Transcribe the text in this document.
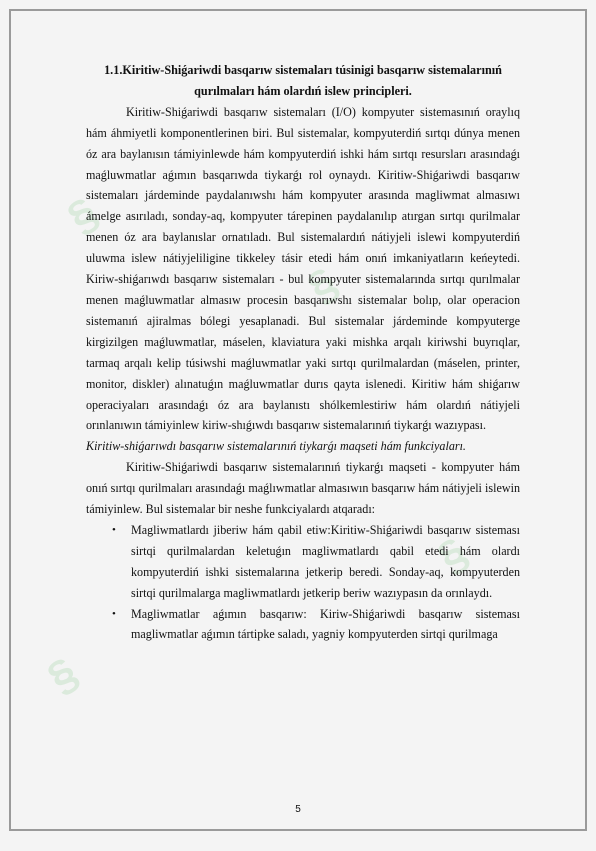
§
§
§
§
1.1.Kiritiw-Shiǵariwdi basqarıw sistemaları túsinigi basqarıw sistemalarınıń
qurılmaları hám olardıń islew principleri.

Kiritiw-Shiǵariwdi basqarıw sistemaları (I/O) kompyuter sistemasınıń oraylıq hám áhmiyetli komponentlerinen biri. Bul sistemalar, kompyuterdiń sırtqı dúnya menen óz ara baylanısın támiyinlewde hám kompyuterdiń ishki hám sırtqı resursları arasındaǵı maǵluwmatlar aǵımın basqarıwda tiykarǵı rol oynaydı. Kiritiw-Shiǵariwdi basqarıw sistemaları járdeminde paydalanıwshı hám kompyuter arasında magliwmat almasıwı ámelge asırıladı, sonday-aq, kompyuter tárepinen paydalanılıp atırgan sırtqı qurilmalar menen óz ara baylanıslar ornatıladı. Bul sistemalardıń nátiyjeli islewi kompyuterdiń uluwma islew nátiyjeliligine tikkeley tásir etedi hám onıń imkaniyatların keńeytedi. Kiriw-shiǵarıwdı basqarıw sistemaları - bul kompyuter sistemalarında sırtqı qurılmalar menen maǵluwmatlar almasıw procesin basqarıwshı sistemalar bolıp, olar operacion sistemanıń ajiralmas bólegi yesaplanadi. Bul sistemalar járdeminde kompyuterge kirgizilgen maǵluwmatlar, máselen, klaviatura yaki mishka arqalı kiriwshi buyrıqlar, tarmaq arqalı kelip túsiwshi maǵluwmatlar yaki sırtqı qurilmalardan (máselen, printer, monitor, diskler) alınatuǵın maǵluwmatlar durıs qayta islenedi. Kiritiw hám shiǵarıw operaciyaları arasındaǵı óz ara baylanıstı shólkemlestiriw hám olardıń nátiyjeli orınlanıwın támiyinlew kiriw-shıǵıwdı basqarıw sistemalarınıń tiykarǵı wazıypası.

Kiritiw-shiǵarıwdı basqarıw sistemalarınıń tiykarǵı maqseti hám funkciyaları.

Kiritiw-Shiǵariwdi basqarıw sistemalarınıń tiykarǵı maqseti - kompyuter hám onıń sırtqı qurilmaları arasındaǵı maǵlıwmatlar almasıwın basqarıw hám nátiyjeli islewin támiyinlew. Bul sistemalar bir neshe funkciyalardı atqaradı:

• Magliwmatlardı jiberiw hám qabil etiw:Kiritiw-Shiǵariwdi basqarıw sisteması sirtqi qurilmalardan keletuǵın magliwmatlardı qabil etedi hám olardı kompyuterdiń ishki sistemalarına jetkerip beredi. Sonday-aq, kompyuterden sirtqi qurilmalarga magliwmatlardı jetkerip beriw wazıypasın da orınlaydı.
• Magliwmatlar aǵımın basqarıw: Kiriw-Shiǵariwdi basqarıw sisteması magliwmatlar aǵımın tártipke saladı, yagniy kompyuterden sirtqi qurilmaga
5
